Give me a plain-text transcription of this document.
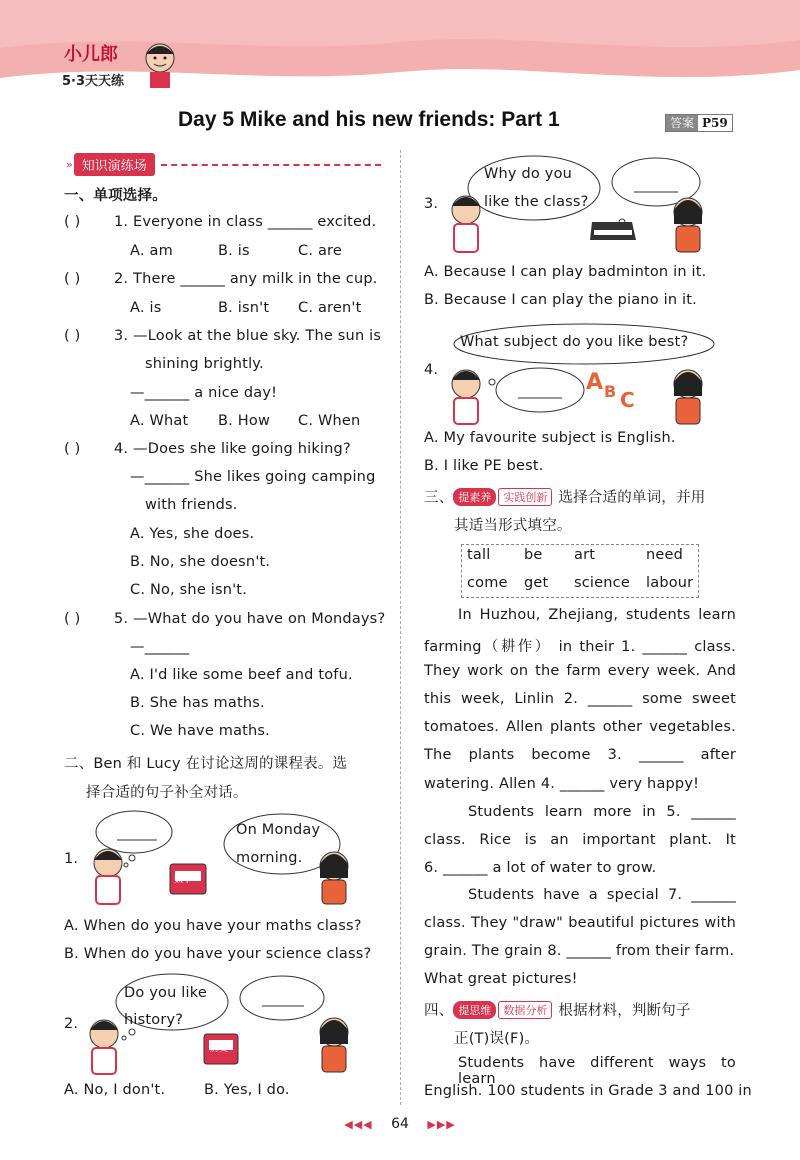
小儿郎
5·3天天练
Day 5 Mike and his new friends: Part 1	答案 P59
» 知识演练场
一、单项选择。
( ) 1. Everyone in class ______ excited.
A. am	B. is	C. are
( ) 2. There ______ any milk in the cup.
A. is	B. isn't C. aren't
( ) 3. —Look at the blue sky. The sun is
shining brightly.
—______ a nice day!
A. What B. How C. When
( ) 4. —Does she like going hiking?
—______ She likes going camping
with friends.
A. Yes, she does.
B. No, she doesn't.
C. No, she isn't.
( ) 5. —What do you have on Mondays?
—______
A. I'd like some beef and tofu.
B. She has maths.
C. We have maths.
二、Ben 和 Lucy 在讨论这周的课程表。选
择合适的句子补全对话。
1.
数学
On Monday
morning.
A. When do you have your maths class?
B. When do you have your science class?
2.
Do you like
history?
历史
A. No, I don't.	B. Yes, I do.
3.
Why do you
like the class?
A. Because I can play badminton in it.
B. Because I can play the piano in it.
What subject do you like best?
4.	A B C
A. My favourite subject is English.
B. I like PE best.
三、 提素养	实践创新 选择合适的单词，并用
其适当形式填空。
tall be art	need
come get science labour
In Huzhou, Zhejiang, students learn
farming（耕作） in their 1. ______ class.
They work on the farm every week. And
this week, Linlin 2. ______ some sweet
tomatoes. Allen plants other vegetables.
The plants become 3. ______ after
watering. Allen 4. ______ very happy!
Students learn more in 5. ______
class. Rice is an important plant. It
6. ______ a lot of water to grow.
Students have a special 7. ______
class. They "draw" beautiful pictures with
grain. The grain 8. ______ from their farm.
What great pictures!
四、 提思维	数据分析 根据材料，判断句子
正(T)误(F)。
Students have different ways to learn
English. 100 students in Grade 3 and 100 in
◀◀◀ 64 ▶▶▶
